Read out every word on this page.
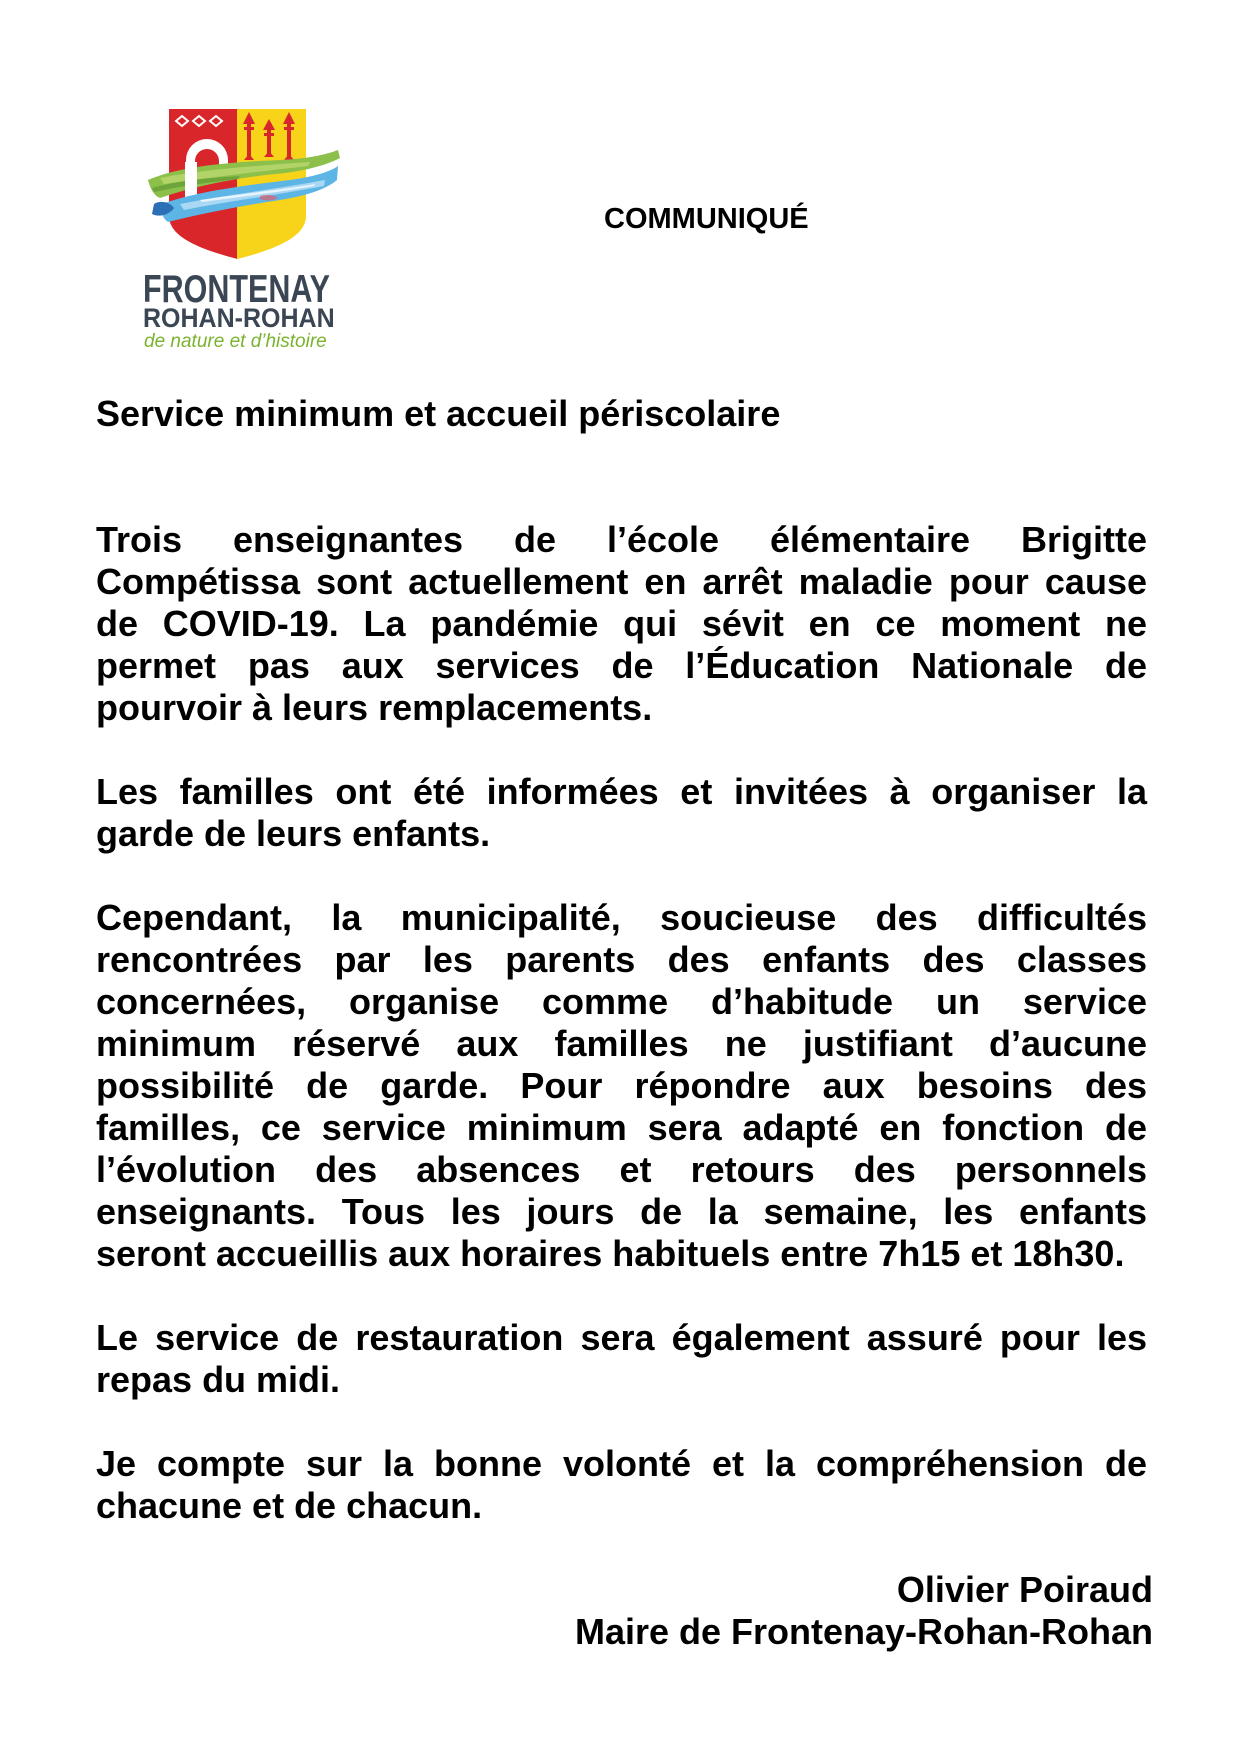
FRONTENAY
ROHAN-ROHAN
de nature et d’histoire
COMMUNIQUÉ
Service minimum et accueil périscolaire
Trois enseignantes de l’école élémentaire Brigitte
Compétissa sont actuellement en arrêt maladie pour cause
de COVID-19. La pandémie qui sévit en ce moment ne
permet pas aux services de l’Éducation Nationale de
pourvoir à leurs remplacements.
Les familles ont été informées et invitées à organiser la
garde de leurs enfants.
Cependant, la municipalité, soucieuse des difficultés
rencontrées par les parents des enfants des classes
concernées, organise comme d’habitude un service
minimum réservé aux familles ne justifiant d’aucune
possibilité de garde. Pour répondre aux besoins des
familles, ce service minimum sera adapté en fonction de
l’évolution des absences et retours des personnels
enseignants. Tous les jours de la semaine, les enfants
seront accueillis aux horaires habituels entre 7h15 et 18h30.
Le service de restauration sera également assuré pour les
repas du midi.
Je compte sur la bonne volonté et la compréhension de
chacune et de chacun.
Olivier Poiraud
Maire de Frontenay-Rohan-Rohan
